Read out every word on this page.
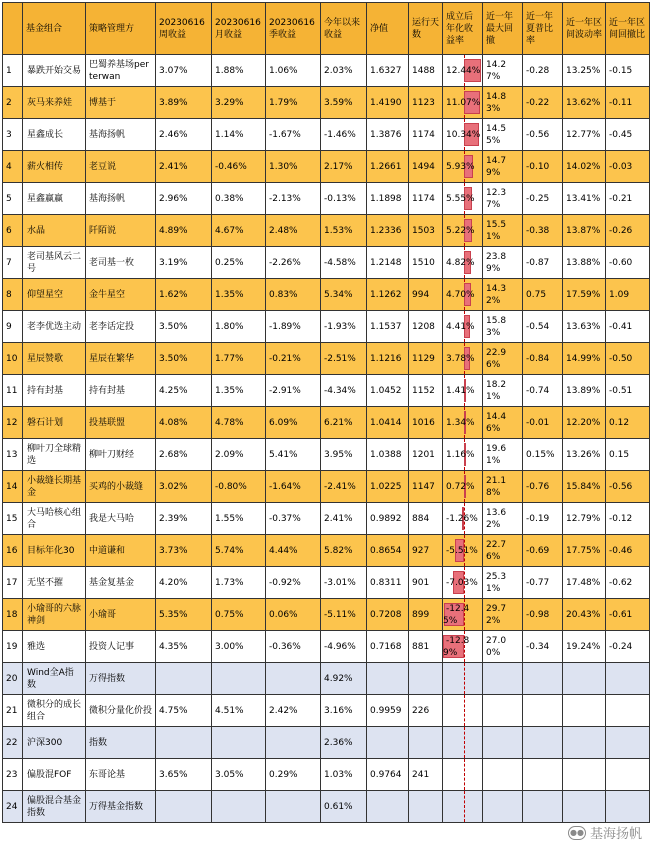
	基金组合	策略管理方	20230616周收益	20230616月收益	20230616季收益	今年以来收益	净值	运行天数	成立后年化收益率	近一年最大回撤	近一年夏普比率	近一年区间波动率	近一年区间回撤比
1	暴跌开始交易	巴蜀养基场perterwan	3.07%	1.88%	1.06%	2.03%	1.6327	1488	12.44%	14.27%	-0.28	13.25%	-0.15
2	灰马来养娃	博基于	3.89%	3.29%	1.79%	3.59%	1.4190	1123	11.07%	14.83%	-0.22	13.62%	-0.11
3	星鑫成长	基海扬帆	2.46%	1.14%	-1.67%	-1.46%	1.3876	1174	10.34%	14.55%	-0.56	12.77%	-0.45
4	薪火相传	老豆说	2.41%	-0.46%	1.30%	2.17%	1.2661	1494	5.93%	14.79%	-0.10	14.02%	-0.03
5	星鑫赢赢	基海扬帆	2.96%	0.38%	-2.13%	-0.13%	1.1898	1174	5.55%	12.37%	-0.25	13.41%	-0.21
6	水晶	阡陌说	4.89%	4.67%	2.48%	1.53%	1.2336	1503	5.22%	15.51%	-0.38	13.87%	-0.26
7	老司基风云二号	老司基一枚	3.19%	0.25%	-2.26%	-4.58%	1.2148	1510	4.82%	23.89%	-0.87	13.88%	-0.60
8	仰望星空	金牛星空	1.62%	1.35%	0.83%	5.34%	1.1262	994	4.70%	14.32%	0.75	17.59%	1.09
9	老李优选主动	老李话定投	3.50%	1.80%	-1.89%	-1.93%	1.1537	1208	4.41%	15.83%	-0.54	13.63%	-0.41
10	星辰赞歌	星辰在繁华	3.50%	1.77%	-0.21%	-2.51%	1.1216	1129	3.78%	22.96%	-0.84	14.99%	-0.50
11	持有封基	持有封基	4.25%	1.35%	-2.91%	-4.34%	1.0452	1152	1.41%	18.21%	-0.74	13.89%	-0.51
12	磐石计划	投基联盟	4.08%	4.78%	6.09%	6.21%	1.0414	1016	1.34%	14.46%	-0.01	12.20%	0.12
13	柳叶刀全球精选	柳叶刀财经	2.68%	2.09%	5.41%	3.95%	1.0388	1201	1.16%	19.61%	0.15%	13.26%	0.15
14	小裁缝长期基金	买鸡的小裁缝	3.02%	-0.80%	-1.64%	-2.41%	1.0225	1147	0.72%	21.18%	-0.76	15.84%	-0.56
15	大马哈核心组合	我是大马哈	2.39%	1.55%	-0.37%	2.41%	0.9892	884	-1.26%	13.62%	-0.19	12.79%	-0.12
16	目标年化30	中道谦和	3.73%	5.74%	4.44%	5.82%	0.8654	927	-5.51%	22.76%	-0.69	17.75%	-0.46
17	无坚不摧	基金复基金	4.20%	1.73%	-0.92%	-3.01%	0.8311	901	-7.03%	25.31%	-0.77	17.48%	-0.62
18	小瑜哥的六脉神剑	小瑜哥	5.35%	0.75%	0.06%	-5.11%	0.7208	899	-12.45%	29.72%	-0.98	20.43%	-0.61
19	雅选	投资人记事	4.35%	3.00%	-0.36%	-4.96%	0.7168	881	-12.89%	27.00%	-0.34	19.24%	-0.24
20	Wind全A指数	万得指数				4.92%			

21	微积分的成长组合	微积分量化价投	4.75%	4.51%	2.42%	3.16%	0.9959	226	

22	沪深300	指数				2.36%			

23	偏股混FOF	东哥论基	3.65%	3.05%	0.29%	1.03%	0.9764	241	

24	偏股混合基金指数	万得基金指数				0.61%			

●● 基海扬帆
